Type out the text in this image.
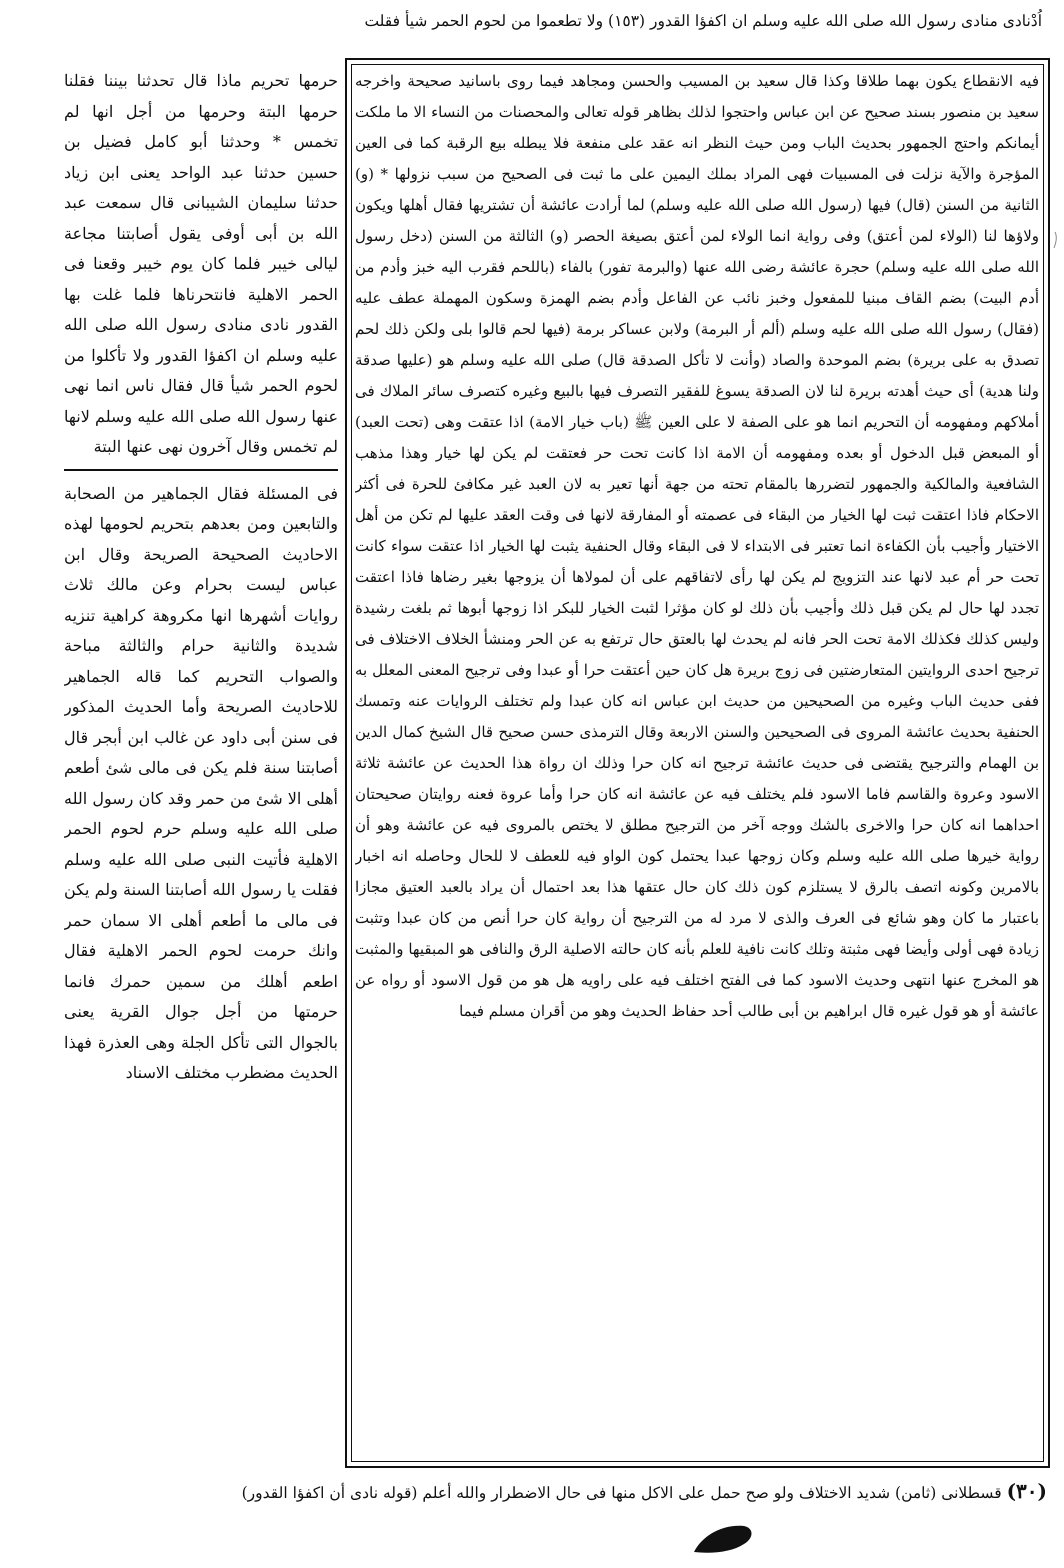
اُدْنادى منادى رسول الله صلى الله عليه وسلم ان اكفؤا القدور (١٥٣) ولا تطعموا من لحوم الحمر شيأ فقلت

فيه الانقطاع يكون بهما طلاقا وكذا قال سعيد بن المسيب والحسن ومجاهد فيما روى باسانيد صحيحة واخرجه سعيد بن منصور بسند صحيح عن ابن عباس واحتجوا لذلك بظاهر قوله تعالى والمحصنات من النساء الا ما ملكت أيمانكم واحتج الجمهور بحديث الباب ومن حيث النظر انه عقد على منفعة فلا يبطله بيع الرقبة كما فى العين المؤجرة والآية نزلت فى المسبيات فهى المراد بملك اليمين على ما ثبت فى الصحيح من سبب نزولها * (و) الثانية من السنن (قال) فيها (رسول الله صلى الله عليه وسلم) لما أرادت عائشة أن تشتريها فقال أهلها ويكون ولاؤها لنا (الولاء لمن أعتق) وفى رواية انما الولاء لمن أعتق بصيغة الحصر (و) الثالثة من السنن (دخل رسول الله صلى الله عليه وسلم) حجرة عائشة رضى الله عنها (والبرمة تفور) بالفاء (باللحم فقرب اليه خبز وأدم من أدم البيت) بضم القاف مبنيا للمفعول وخبز نائب عن الفاعل وأدم بضم الهمزة وسكون المهملة عطف عليه (فقال) رسول الله صلى الله عليه وسلم (ألم أر البرمة) ولابن عساكر برمة (فيها لحم قالوا بلى ولكن ذلك لحم تصدق به على بريرة) بضم الموحدة والصاد (وأنت لا تأكل الصدقة قال) صلى الله عليه وسلم هو (عليها صدقة ولنا هدية) أى حيث أهدته بريرة لنا لان الصدقة يسوغ للفقير التصرف فيها بالبيع وغيره كتصرف سائر الملاك فى أملاكهم ومفهومه أن التحريم انما هو على الصفة لا على العين ﷺ (باب خيار الامة) اذا عتقت وهى (تحت العبد) أو المبعض قبل الدخول أو بعده ومفهومه أن الامة اذا كانت تحت حر فعتقت لم يكن لها خيار وهذا مذهب الشافعية والمالكية والجمهور لتضررها بالمقام تحته من جهة أنها تعير به لان العبد غير مكافئ للحرة فى أكثر الاحكام فاذا اعتقت ثبت لها الخيار من البقاء فى عصمته أو المفارقة لانها فى وقت العقد عليها لم تكن من أهل الاختيار وأجيب بأن الكفاءة انما تعتبر فى الابتداء لا فى البقاء وقال الحنفية يثبت لها الخيار اذا عتقت سواء كانت تحت حر أم عبد لانها عند التزويج لم يكن لها رأى لاتفاقهم على أن لمولاها أن يزوجها بغير رضاها فاذا اعتقت تجدد لها حال لم يكن قبل ذلك وأجيب بأن ذلك لو كان مؤثرا لثبت الخيار للبكر اذا زوجها أبوها ثم بلغت رشيدة وليس كذلك فكذلك الامة تحت الحر فانه لم يحدث لها بالعتق حال ترتفع به عن الحر ومنشأ الخلاف الاختلاف فى ترجيح احدى الروايتين المتعارضتين فى زوج بريرة هل كان حين أعتقت حرا أو عبدا وفى ترجيح المعنى المعلل به ففى حديث الباب وغيره من الصحيحين من حديث ابن عباس انه كان عبدا ولم تختلف الروايات عنه وتمسك الحنفية بحديث عائشة المروى فى الصحيحين والسنن الاربعة وقال الترمذى حسن صحيح قال الشيخ كمال الدين بن الهمام والترجيح يقتضى فى حديث عائشة ترجيح انه كان حرا وذلك ان رواة هذا الحديث عن عائشة ثلاثة الاسود وعروة والقاسم فاما الاسود فلم يختلف فيه عن عائشة انه كان حرا وأما عروة فعنه روايتان صحيحتان احداهما انه كان حرا والاخرى بالشك ووجه آخر من الترجيح مطلق لا يختص بالمروى فيه عن عائشة وهو أن رواية خيرها صلى الله عليه وسلم وكان زوجها عبدا يحتمل كون الواو فيه للعطف لا للحال وحاصله انه اخبار بالامرين وكونه اتصف بالرق لا يستلزم كون ذلك كان حال عتقها هذا بعد احتمال أن يراد بالعبد العتيق مجازا باعتبار ما كان وهو شائع فى العرف والذى لا مرد له من الترجيح أن رواية كان حرا أنص من كان عبدا وتثبت زيادة فهى أولى وأيضا فهى مثبتة وتلك كانت نافية للعلم بأنه كان حالته الاصلية الرق والنافى هو المبقيها والمثبت هو المخرج عنها انتهى وحديث الاسود كما فى الفتح اختلف فيه على راويه هل هو من قول الاسود أو رواه عن عائشة أو هو قول غيره قال ابراهيم بن أبى طالب أحد حفاظ الحديث وهو من أقران مسلم فيما

حرمها تحريم ماذا قال تحدثنا بيننا فقلنا حرمها البتة وحرمها من أجل انها لم تخمس * وحدثنا أبو كامل فضيل بن حسين حدثنا عبد الواحد يعنى ابن زياد حدثنا سليمان الشيبانى قال سمعت عبد الله بن أبى أوفى يقول أصابتنا مجاعة ليالى خيبر فلما كان يوم خيبر وقعنا فى الحمر الاهلية فانتحرناها فلما غلت بها القدور نادى منادى رسول الله صلى الله عليه وسلم ان اكفؤا القدور ولا تأكلوا من لحوم الحمر شيأ قال فقال ناس انما نهى عنها رسول الله صلى الله عليه وسلم لانها لم تخمس وقال آخرون نهى عنها البتة

فى المسئلة فقال الجماهير من الصحابة والتابعين ومن بعدهم بتحريم لحومها لهذه الاحاديث الصحيحة الصريحة وقال ابن عباس ليست بحرام وعن مالك ثلاث روايات أشهرها انها مكروهة كراهية تنزيه شديدة والثانية حرام والثالثة مباحة والصواب التحريم كما قاله الجماهير للاحاديث الصريحة وأما الحديث المذكور فى سنن أبى داود عن غالب ابن أبجر قال أصابتنا سنة فلم يكن فى مالى شئ أطعم أهلى الا شئ من حمر وقد كان رسول الله صلى الله عليه وسلم حرم لحوم الحمر الاهلية فأتيت النبى صلى الله عليه وسلم فقلت يا رسول الله أصابتنا السنة ولم يكن فى مالى ما أطعم أهلى الا سمان حمر وانك حرمت لحوم الحمر الاهلية فقال اطعم أهلك من سمين حمرك فانما حرمتها من أجل جوال القرية يعنى بالجوال التى تأكل الجلة وهى العذرة فهذا الحديث مضطرب مختلف الاسناد

(٣٠) قسطلانى (ثامن) شديد الاختلاف ولو صح حمل على الاكل منها فى حال الاضطرار والله أعلم (قوله نادى أن اكفؤا القدور)
